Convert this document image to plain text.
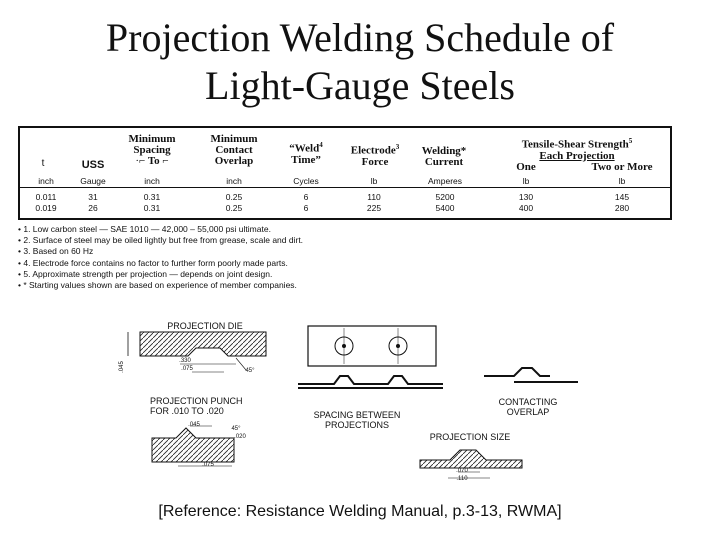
Projection Welding Schedule of
Light-Gauge Steels
t	USS
Minimum
Spacing
·⌐ To ⌐
Minimum
Contact
Overlap
“Weld$^4$
Time”
Electrode$^3$
Force
Welding*
Current
Tensile-Shear Strength$^5$
Each Projection
One	Two or More
inch	Gauge	inch	inch	Cycles	lb	Amperes	lb	lb
0.011	31	0.31	0.25	6	110	5200	130	145
0.019	26	0.31	0.25	6	225	5400	400	280
• 1. Low carbon steel — SAE 1010 — 42,000 – 55,000 psi ultimate.
• 2. Surface of steel may be oiled lightly but free from grease, scale and dirt.
• 3. Based on 60 Hz
• 4. Electrode force contains no factor to further form poorly made parts.
• 5. Approximate strength per projection — depends on joint design.
• * Starting values shown are based on experience of member companies.
PROJECTION DIE
.330
.075	45°
.045
PROJECTION PUNCH
FOR .010 TO .020
.045
45°
.020
.075
SPACING BETWEEN
PROJECTIONS
CONTACTING
OVERLAP
PROJECTION SIZE
.070
.110
[Reference: Resistance Welding Manual, p.3-13, RWMA]
